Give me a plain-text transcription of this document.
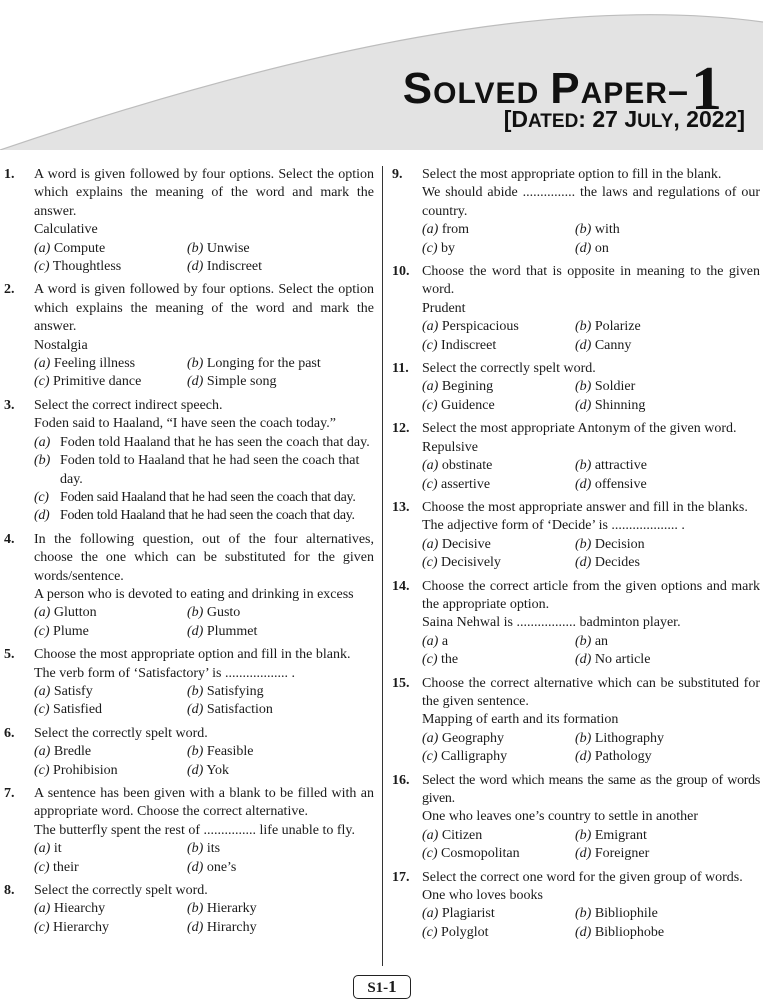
SOLVED PAPER–1
[DATED: 27 JULY, 2022]
1. A word is given followed by four options. Select the option which explains the meaning of the word and mark the answer.
Calculative
(a) Compute	(b) Unwise
(c) Thoughtless	(d) Indiscreet
2. A word is given followed by four options. Select the option which explains the meaning of the word and mark the answer.
Nostalgia
(a) Feeling illness	(b) Longing for the past
(c) Primitive dance	(d) Simple song
3. Select the correct indirect speech.
Foden said to Haaland, “I have seen the coach today.”
(a) Foden told Haaland that he has seen the coach that day.
(b) Foden told to Haaland that he had seen the coach that day.
(c) Foden said Haaland that he had seen the coach that day.
(d) Foden told Haaland that he had seen the coach that day.
4. In the following question, out of the four alternatives, choose the one which can be substituted for the given words/sentence.
A person who is devoted to eating and drinking in excess
(a) Glutton	(b) Gusto
(c) Plume	(d) Plummet
5. Choose the most appropriate option and fill in the blank.
The verb form of ‘Satisfactory’ is .................. .
(a) Satisfy	(b) Satisfying
(c) Satisfied	(d) Satisfaction
6. Select the correctly spelt word.
(a) Bredle	(b) Feasible
(c) Prohibision	(d) Yok
7. A sentence has been given with a blank to be filled with an appropriate word. Choose the correct alternative.
The butterfly spent the rest of ............... life unable to fly.
(a) it	(b) its
(c) their	(d) one’s
8. Select the correctly spelt word.
(a) Hiearchy	(b) Hierarky
(c) Hierarchy	(d) Hirarchy
9. Select the most appropriate option to fill in the blank.
We should abide ............... the laws and regulations of our country.
(a) from	(b) with
(c) by	(d) on
10. Choose the word that is opposite in meaning to the given word.
Prudent
(a) Perspicacious	(b) Polarize
(c) Indiscreet	(d) Canny
11. Select the correctly spelt word.
(a) Begining	(b) Soldier
(c) Guidence	(d) Shinning
12. Select the most appropriate Antonym of the given word.
Repulsive
(a) obstinate	(b) attractive
(c) assertive	(d) offensive
13. Choose the most appropriate answer and fill in the blanks.
The adjective form of ‘Decide’ is ................... .
(a) Decisive	(b) Decision
(c) Decisively	(d) Decides
14. Choose the correct article from the given options and mark the appropriate option.
Saina Nehwal is ................. badminton player.
(a) a	(b) an
(c) the	(d) No article
15. Choose the correct alternative which can be substituted for the given sentence.
Mapping of earth and its formation
(a) Geography	(b) Lithography
(c) Calligraphy	(d) Pathology
16. Select the word which means the same as the group of words given.
One who leaves one’s country to settle in another
(a) Citizen	(b) Emigrant
(c) Cosmopolitan	(d) Foreigner
17. Select the correct one word for the given group of words.
One who loves books
(a) Plagiarist	(b) Bibliophile
(c) Polyglot	(d) Bibliophobe
S1-1
